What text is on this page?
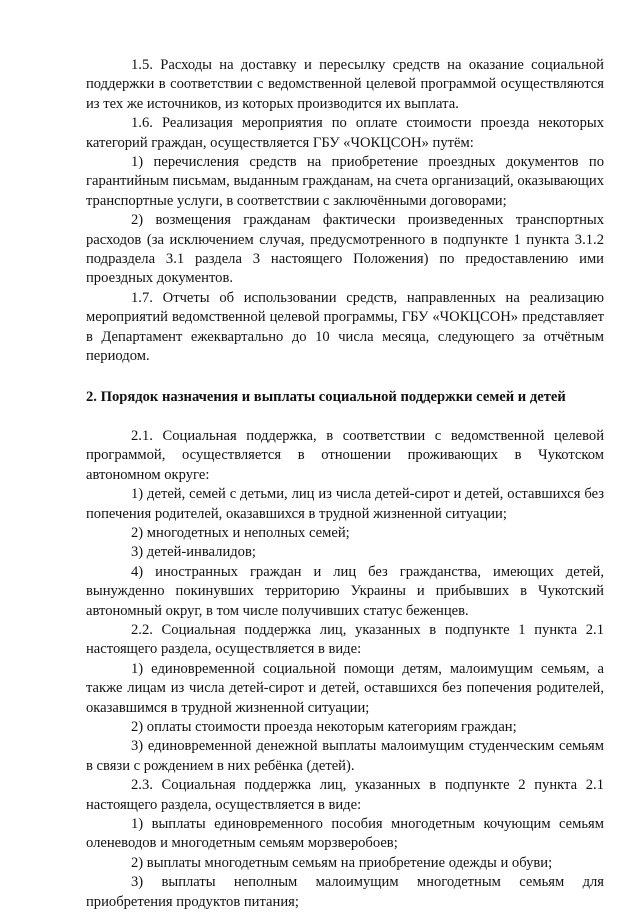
1.5. Расходы на доставку и пересылку средств на оказание социальной поддержки в соответствии с ведомственной целевой программой осуществляются из тех же источников, из которых производится их выплата.

1.6. Реализация мероприятия по оплате стоимости проезда некоторых категорий граждан, осуществляется ГБУ «ЧОКЦСОН» путём:

1) перечисления средств на приобретение проездных документов по гарантийным письмам, выданным гражданам, на счета организаций, оказывающих транспортные услуги, в соответствии с заключёнными договорами;

2) возмещения гражданам фактически произведенных транспортных расходов (за исключением случая, предусмотренного в подпункте 1 пункта 3.1.2 подраздела 3.1 раздела 3 настоящего Положения) по предоставлению ими проездных документов.

1.7. Отчеты об использовании средств, направленных на реализацию мероприятий ведомственной целевой программы, ГБУ «ЧОКЦСОН» представляет в Департамент ежеквартально до 10 числа месяца, следующего за отчётным периодом.

2. Порядок назначения и выплаты социальной поддержки семей и детей

2.1. Социальная поддержка, в соответствии с ведомственной целевой программой, осуществляется в отношении проживающих в Чукотском автономном округе:

1) детей, семей с детьми, лиц из числа детей-сирот и детей, оставшихся без попечения родителей, оказавшихся в трудной жизненной ситуации;

2) многодетных и неполных семей;

3) детей-инвалидов;

4) иностранных граждан и лиц без гражданства, имеющих детей, вынужденно покинувших территорию Украины и прибывших в Чукотский автономный округ, в том числе получивших статус беженцев.

2.2. Социальная поддержка лиц, указанных в подпункте 1 пункта 2.1 настоящего раздела, осуществляется в виде:

1) единовременной социальной помощи детям, малоимущим семьям, а также лицам из числа детей-сирот и детей, оставшихся без попечения родителей, оказавшимся в трудной жизненной ситуации;

2) оплаты стоимости проезда некоторым категориям граждан;

3) единовременной денежной выплаты малоимущим студенческим семьям в связи с рождением в них ребёнка (детей).

2.3. Социальная поддержка лиц, указанных в подпункте 2 пункта 2.1 настоящего раздела, осуществляется в виде:

1) выплаты единовременного пособия многодетным кочующим семьям оленеводов и многодетным семьям морзверобоев;

2) выплаты многодетным семьям на приобретение одежды и обуви;

3) выплаты неполным малоимущим многодетным семьям для приобретения продуктов питания;
